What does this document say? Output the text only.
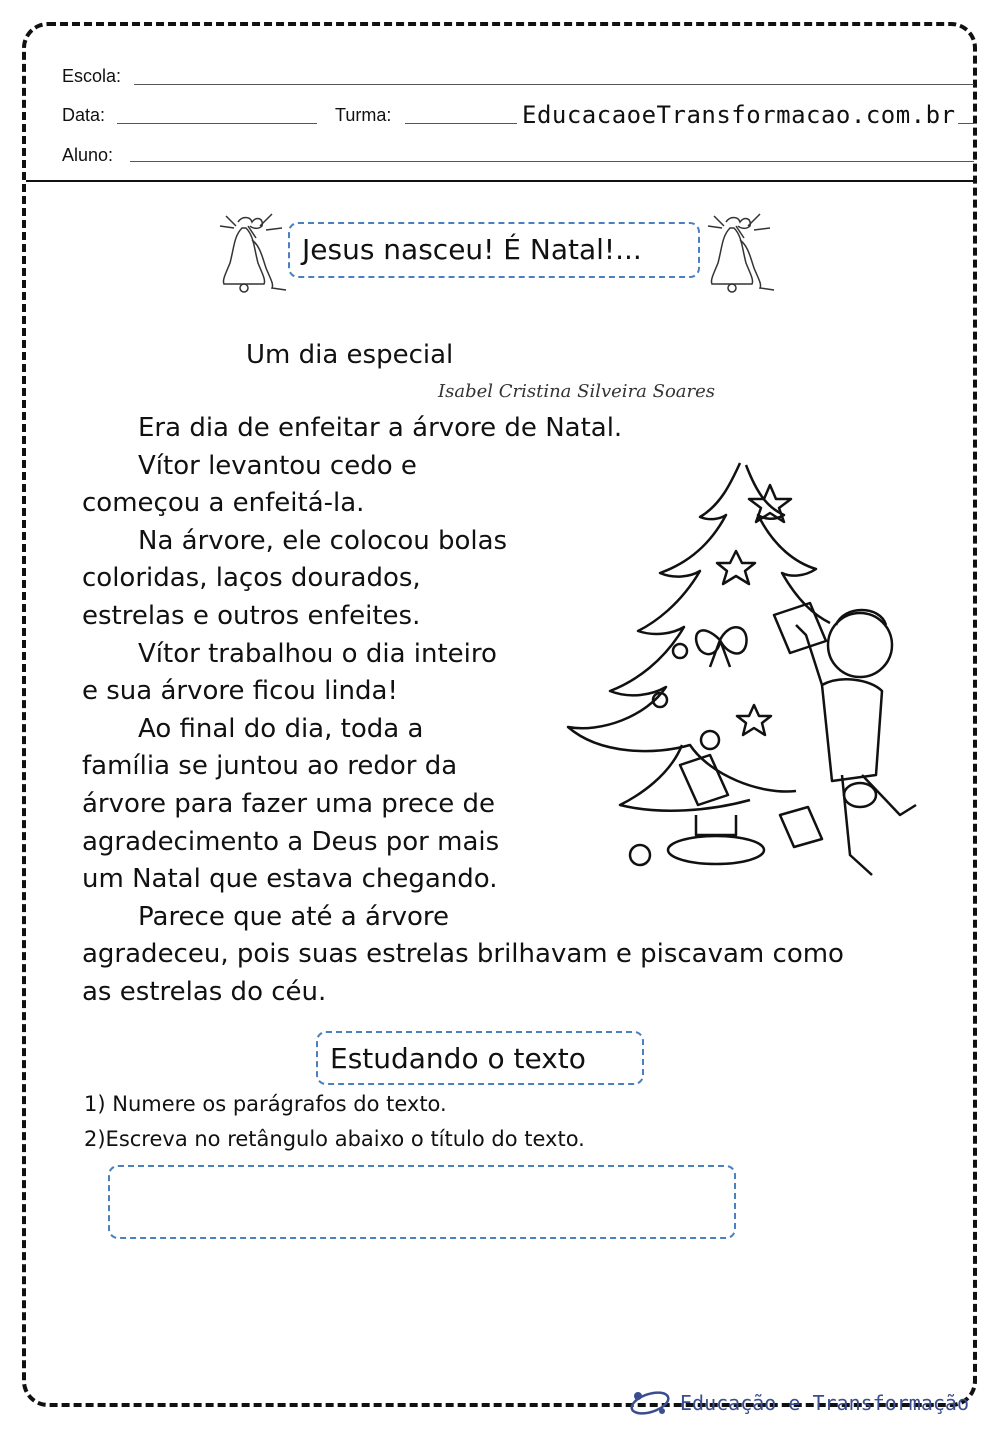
Escola:
Data:	Turma:	EducacaoeTransformacao.com.br
Aluno:
Jesus nasceu! É Natal!...
Um dia especial
Isabel Cristina Silveira Soares
Era dia de enfeitar a árvore de Natal.
Vítor levantou cedo e
começou a enfeitá-la.
Na árvore, ele colocou bolas
coloridas, laços dourados,
estrelas e outros enfeites.
Vítor trabalhou o dia inteiro
e sua árvore ficou linda!
Ao final do dia, toda a
família se juntou ao redor da
árvore para fazer uma prece de
agradecimento a Deus por mais
um Natal que estava chegando.
Parece que até a árvore
agradeceu, pois suas estrelas brilhavam e piscavam como
as estrelas do céu.
Estudando o texto
1) Numere os parágrafos do texto.
2)Escreva no retângulo abaixo o título do texto.
Educação e Transformação
